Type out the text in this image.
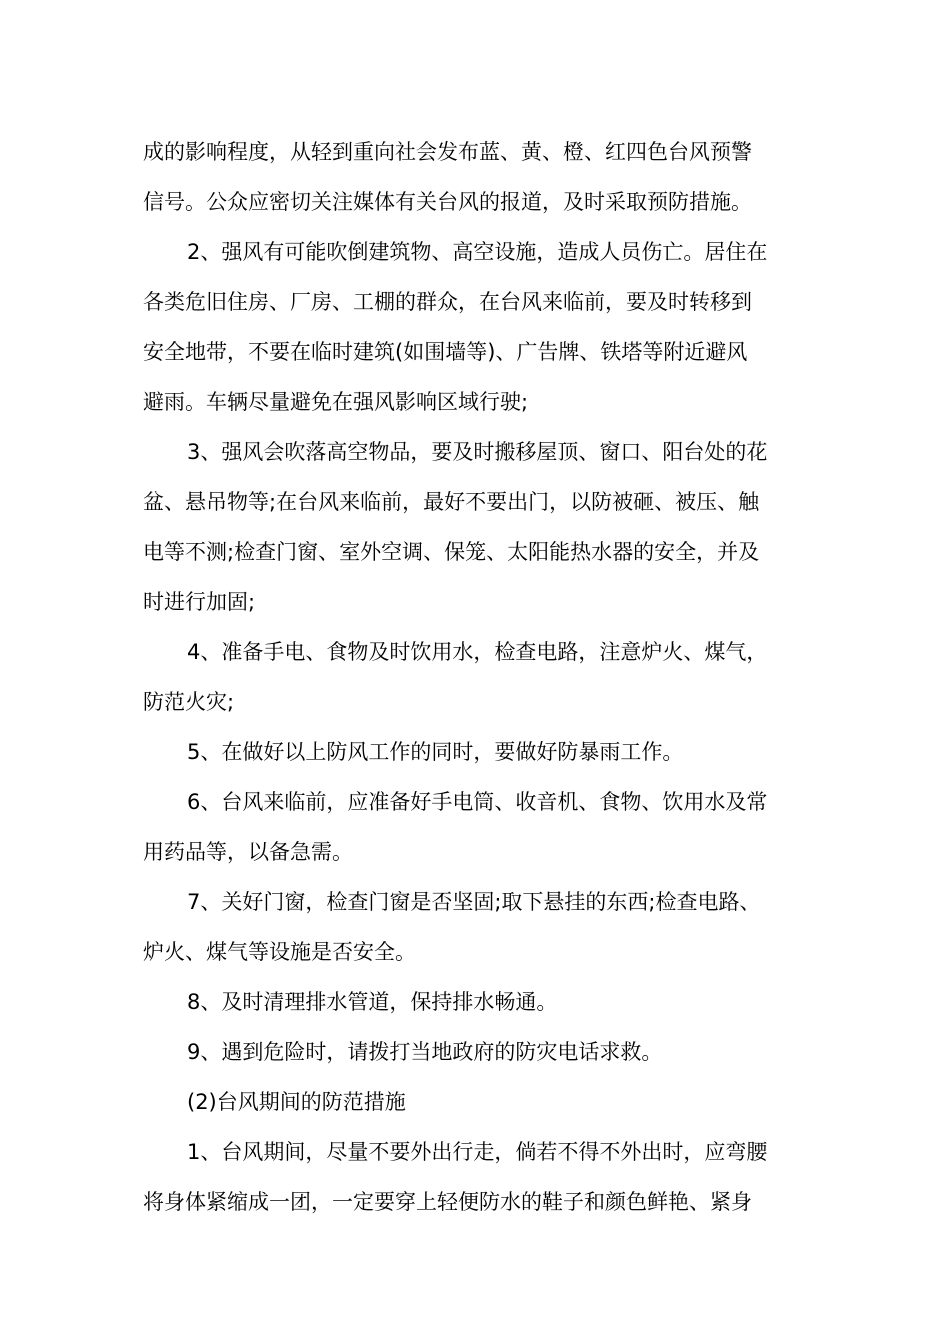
成的影响程度，从轻到重向社会发布蓝、黄、橙、红四色台风预警
信号。公众应密切关注媒体有关台风的报道，及时采取预防措施。
2、强风有可能吹倒建筑物、高空设施，造成人员伤亡。居住在
各类危旧住房、厂房、工棚的群众，在台风来临前，要及时转移到
安全地带，不要在临时建筑(如围墙等)、广告牌、铁塔等附近避风
避雨。车辆尽量避免在强风影响区域行驶;
3、强风会吹落高空物品，要及时搬移屋顶、窗口、阳台处的花
盆、悬吊物等;在台风来临前，最好不要出门，以防被砸、被压、触
电等不测;检查门窗、室外空调、保笼、太阳能热水器的安全，并及
时进行加固;
4、准备手电、食物及时饮用水，检查电路，注意炉火、煤气，
防范火灾;
5、在做好以上防风工作的同时，要做好防暴雨工作。
6、台风来临前，应准备好手电筒、收音机、食物、饮用水及常
用药品等，以备急需。
7、关好门窗，检查门窗是否坚固;取下悬挂的东西;检查电路、
炉火、煤气等设施是否安全。
8、及时清理排水管道，保持排水畅通。
9、遇到危险时，请拨打当地政府的防灾电话求救。
(2)台风期间的防范措施
1、台风期间，尽量不要外出行走，倘若不得不外出时，应弯腰
将身体紧缩成一团，一定要穿上轻便防水的鞋子和颜色鲜艳、紧身
